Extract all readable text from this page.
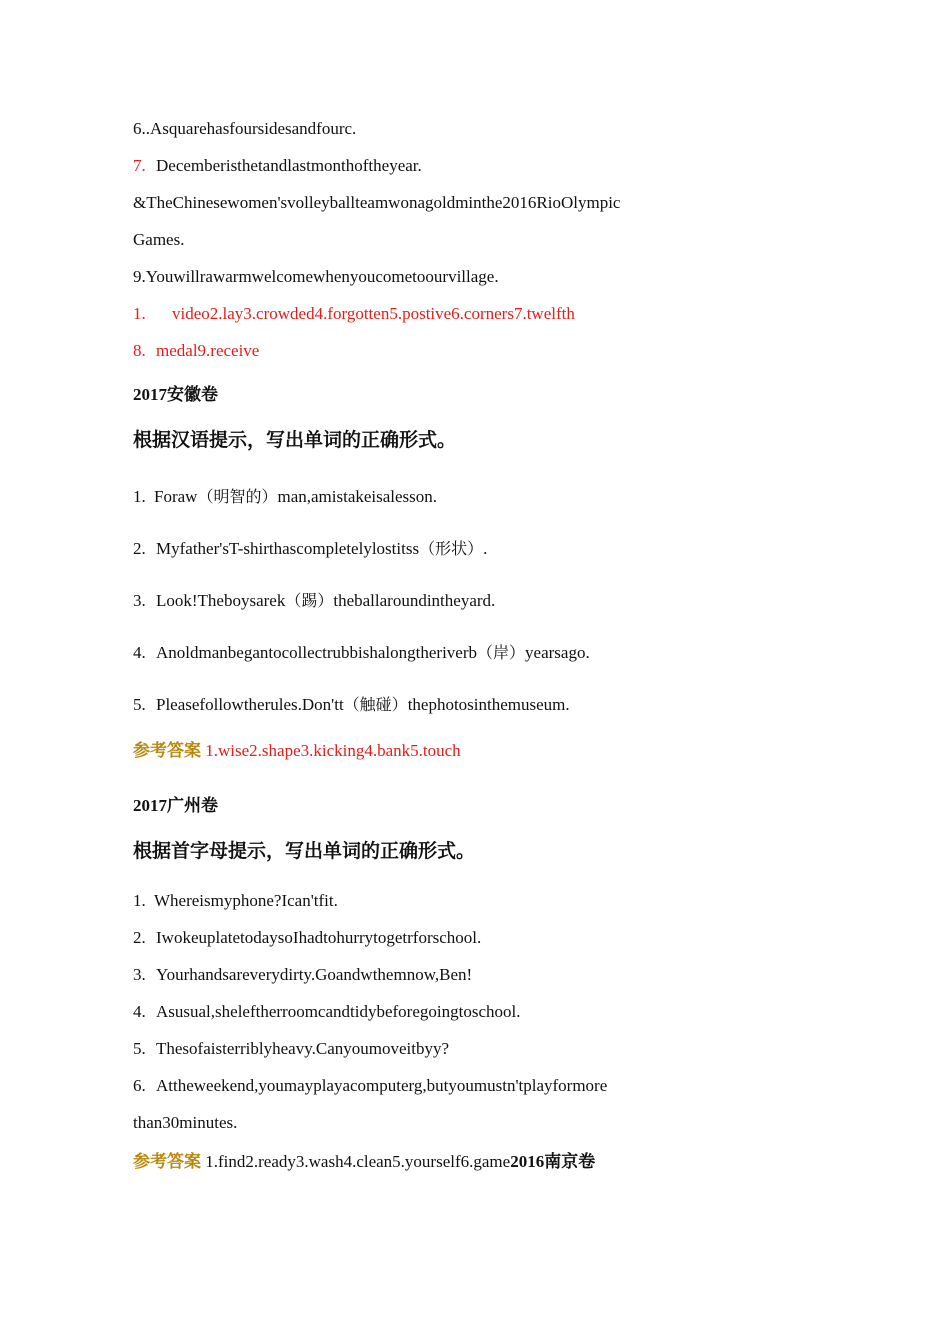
6..Asquarehasfoursidesandfourc.
7. Decemberisthetandlastmonthoftheyear.
&TheChinesewomen'svolleyballteamwonagoldminthe2016RioOlympic
Games.
9.Youwillrawarmwelcomewhenyoucometoourvillage.
1. video2.lay3.crowded4.forgotten5.postive6.corners7.twelfth
8. medal9.receive
2017安徽卷
根据汉语提示，写出单词的正确形式。
1. Foraw（明智的）man,amistakeisalesson.
2. Myfather'sT-shirthascompletelylostitss（形状）.
3. Look!Theboysarek（踢）theballaroundintheyard.
4. Anoldmanbegantocollectrubbishalongtheriverb（岸）yearsago.
5. Pleasefollowtherules.Don'tt（触碰）thephotosinthemuseum.
参考答案 1.wise2.shape3.kicking4.bank5.touch
2017广州卷
根据首字母提示，写出单词的正确形式。
1. Whereismyphone?Ican'tfit.
2. IwokeuplatetodaysoIhadtohurrytogetrforschool.
3. Yourhandsareverydirty.Goandwthemnow,Ben!
4. Asusual,sheleftherroomcandtidybeforegoingtoschool.
5. Thesofaisterriblyheavy.Canyoumoveitbyy?
6. Attheweekend,youmayplayacomputerg,butyoumustn'tplayformore
than30minutes.
参考答案 1.find2.ready3.wash4.clean5.yourself6.game2016南京卷
